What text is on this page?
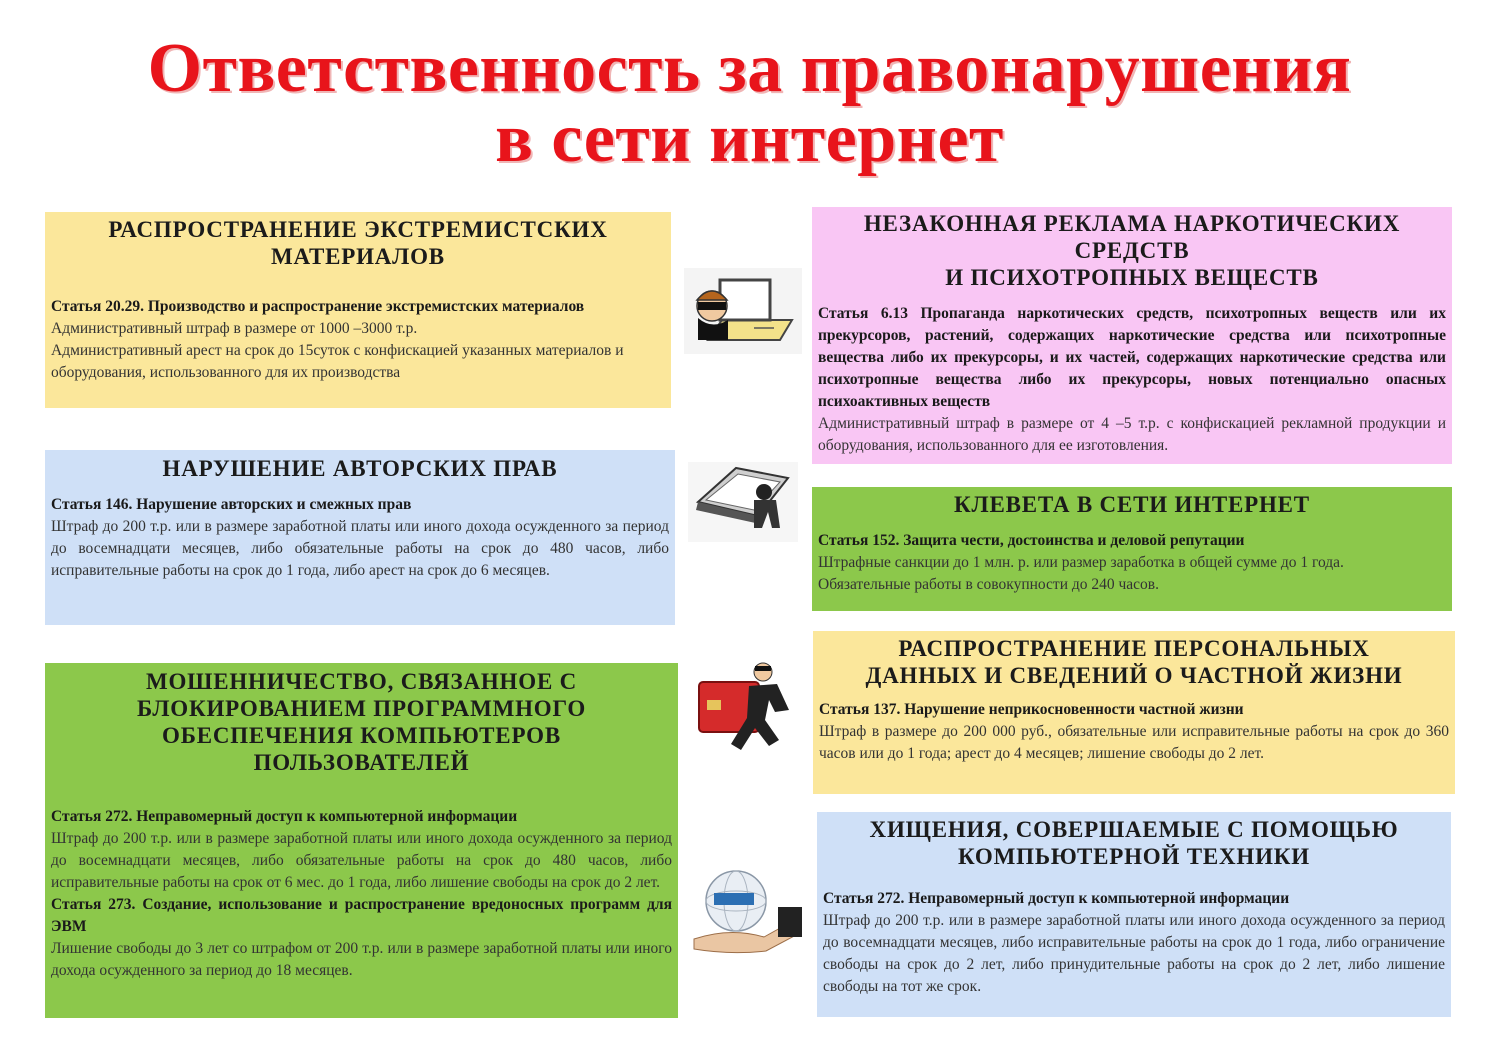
Ответственность за правонарушения
в сети интернет
РАСПРОСТРАНЕНИЕ ЭКСТРЕМИСТСКИХ МАТЕРИАЛОВ
Статья 20.29. Производство и распространение экстремистских материалов
Административный штраф в размере от 1000 –3000 т.р.
Административный арест на срок до 15суток с конфискацией указанных материалов и оборудования, использованного для их производства
НАРУШЕНИЕ АВТОРСКИХ ПРАВ
Статья 146. Нарушение авторских и смежных прав
Штраф до 200 т.р. или в размере заработной платы или иного дохода осужденного за период до восемнадцати месяцев, либо обязательные работы на срок до 480 часов, либо исправительные работы на срок до 1 года, либо арест на срок до 6 месяцев.
МОШЕННИЧЕСТВО, СВЯЗАННОЕ С БЛОКИРОВАНИЕМ ПРОГРАММНОГО ОБЕСПЕЧЕНИЯ КОМПЬЮТЕРОВ ПОЛЬЗОВАТЕЛЕЙ
Статья 272. Неправомерный доступ к компьютерной информации
Штраф до 200 т.р. или в размере заработной платы или иного дохода осужденного за период до восемнадцати месяцев, либо обязательные работы на срок до 480 часов, либо исправительные работы на срок от 6 мес. до 1 года, либо лишение свободы на срок до 2 лет.
Статья 273. Создание, использование и распространение вредоносных программ для ЭВМ
Лишение свободы до 3 лет со штрафом от 200 т.р. или в размере заработной платы или иного дохода осужденного за период до 18 месяцев.
НЕЗАКОННАЯ РЕКЛАМА НАРКОТИЧЕСКИХ СРЕДСТВ
И ПСИХОТРОПНЫХ ВЕЩЕСТВ
Статья 6.13 Пропаганда наркотических средств, психотропных веществ или их прекурсоров, растений, содержащих наркотические средства или психотропные вещества либо их прекурсоры, и их частей, содержащих наркотические средства или психотропные вещества либо их прекурсоры, новых потенциально опасных психоактивных веществ
Административный штраф в размере от 4 –5 т.р. с конфискацией рекламной продукции и оборудования, использованного для ее изготовления.
КЛЕВЕТА В СЕТИ ИНТЕРНЕТ
Статья 152. Защита чести, достоинства и деловой репутации
Штрафные санкции до 1 млн. р. или размер заработка в общей сумме до 1 года.
Обязательные работы в совокупности до 240 часов.
РАСПРОСТРАНЕНИЕ ПЕРСОНАЛЬНЫХ ДАННЫХ И СВЕДЕНИЙ О ЧАСТНОЙ ЖИЗНИ
Статья 137. Нарушение неприкосновенности частной жизни
Штраф в размере до 200 000 руб., обязательные или исправительные работы на срок до 360 часов или до 1 года; арест до 4 месяцев; лишение свободы до 2 лет.
ХИЩЕНИЯ, СОВЕРШАЕМЫЕ С ПОМОЩЬЮ КОМПЬЮТЕРНОЙ ТЕХНИКИ
Статья 272. Неправомерный доступ к компьютерной информации
Штраф до 200 т.р. или в размере заработной платы или иного дохода осужденного за период до восемнадцати месяцев, либо исправительные работы на срок до 1 года, либо ограничение свободы на срок до 2 лет, либо принудительные работы на срок до 2 лет, либо лишение свободы на тот же срок.
